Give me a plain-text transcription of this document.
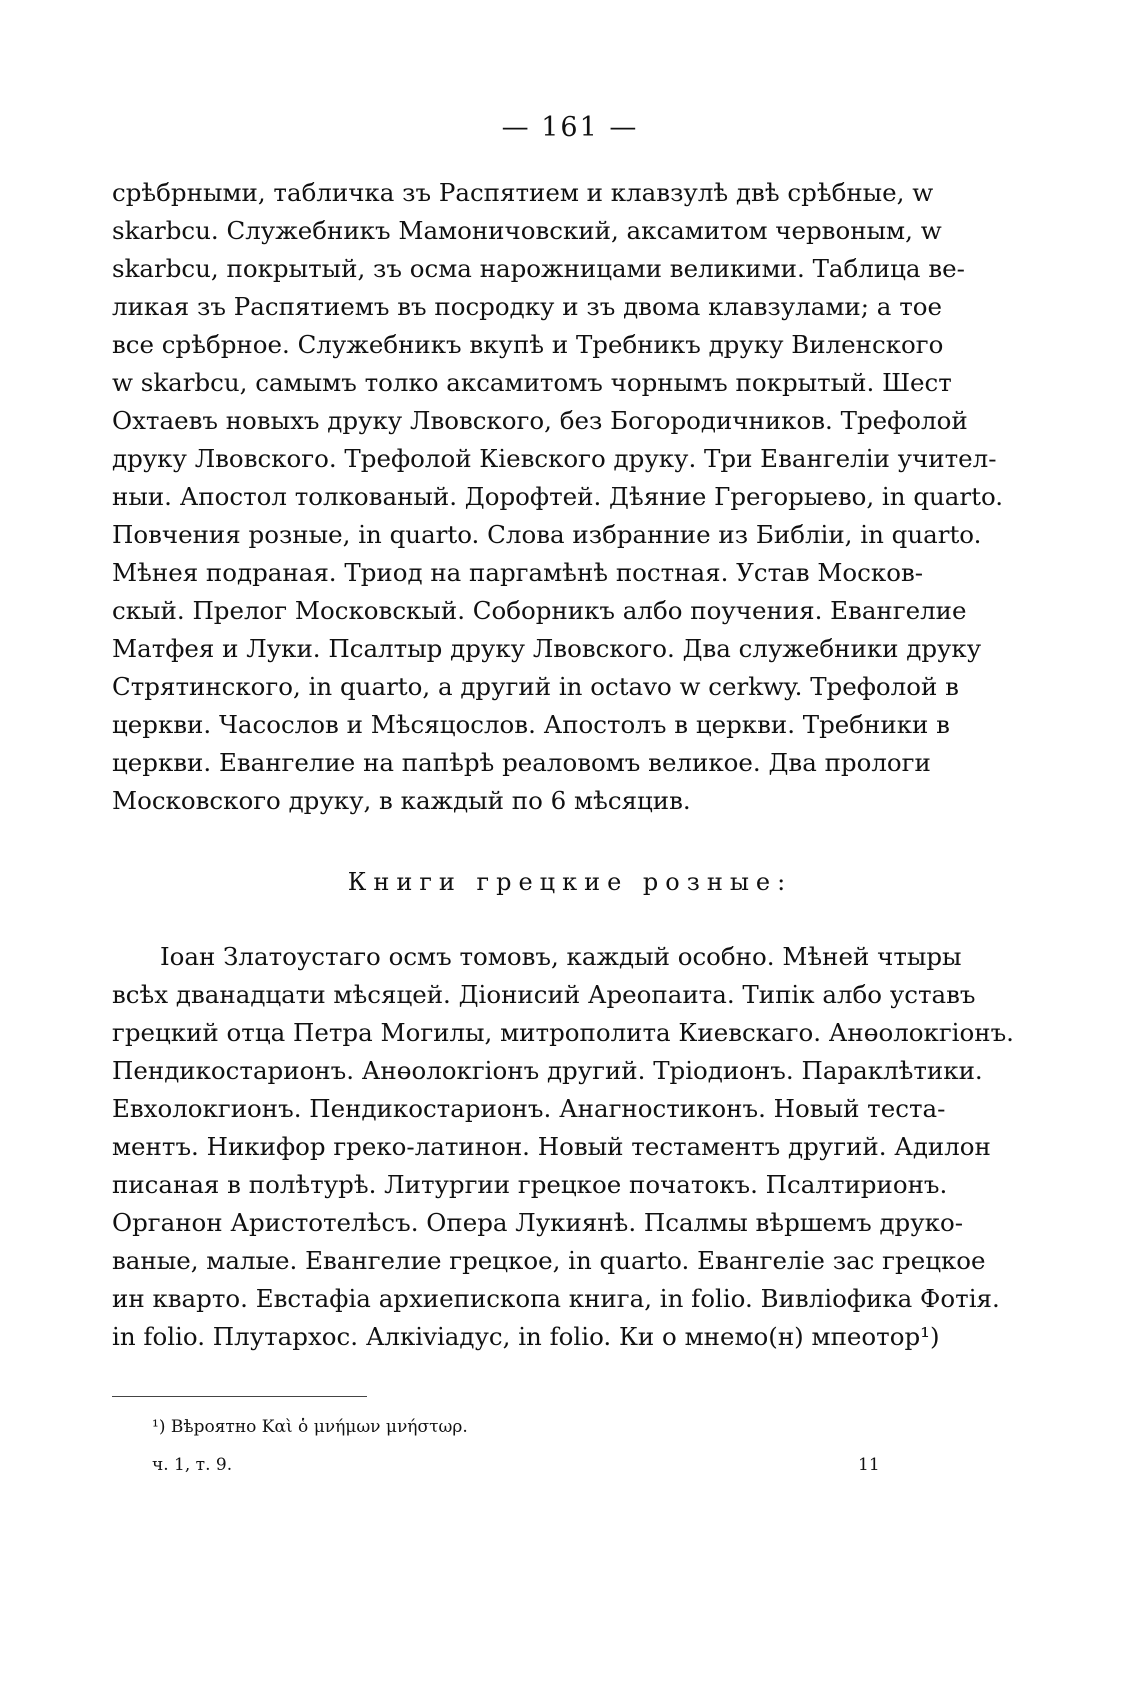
— 161 —
срѣбрными, табличка зъ Распятием и клавзулѣ двѣ срѣбные, w
skarbcu. Служебникъ Мамоничовский, аксамитом червоным, w
skarbcu, покрытый, зъ осма нарожницами великими. Таблица ве-
ликая зъ Распятиемъ въ посродку и зъ двома клавзулами; а тое
все срѣбрное. Служебникъ вкупѣ и Требникъ друку Виленского
w skarbcu, самымъ толко аксамитомъ чорнымъ покрытый. Шест
Охтаевъ новыхъ друку Лвовского, без Богородичников. Трефолой
друку Лвовского. Трефолой Кіевского друку. Три Евангеліи учител-
ныи. Апостол толкованый. Дорофтей. Дѣяние Грегорыево, in quarto.
Повчения розные, in quarto. Слова избранние из Библіи, in quarto.
Мѣнея подраная. Триод на паргамѣнѣ постная. Устав Москов-
скый. Прелог Московскый. Соборникъ албо поучения. Евангелие
Матфея и Луки. Псалтыр друку Лвовского. Два служебники друку
Стрятинского, in quarto, а другий in octavo w cerkwy. Трефолой в
церкви. Часослов и Мѣсяцослов. Апостолъ в церкви. Требники в
церкви. Евангелие на папѣрѣ реаловомъ великое. Два прологи
Московского друку, в каждый по 6 мѣсяцив.
Книги грецкие розные:
Іоан Златоустаго осмъ томовъ, каждый особно. Мѣней чтыры
всѣх дванадцати мѣсяцей. Діонисий Ареопаита. Типік албо уставъ
грецкий отца Петра Могилы, митрополита Киевскаго. Анөолокгіонъ.
Пендикостарионъ. Анөолокгіонъ другий. Тріодионъ. Параклѣтики.
Евхолокгионъ. Пендикостарионъ. Анагностиконъ. Новый теста-
ментъ. Никифор греко-латинон. Новый тестаментъ другий. Адилон
писаная в полѣтурѣ. Литургии грецкое початокъ. Псалтирионъ.
Органон Аристотелѣсъ. Опера Лукиянѣ. Псалмы вѣршемъ друко-
ваные, малые. Евангелие грецкое, in quarto. Евангеліе зас грецкое
ин кварто. Евстафіа архиепископа книга, in folio. Вивліофика Фотія.
in folio. Плутархос. Алкіviадус, in folio. Ки о мнемо(н) мпеотор¹)
¹) Вѣроятно Καὶ ὁ μνήμων μνήστωρ.
ч. 1, т. 9.	11
